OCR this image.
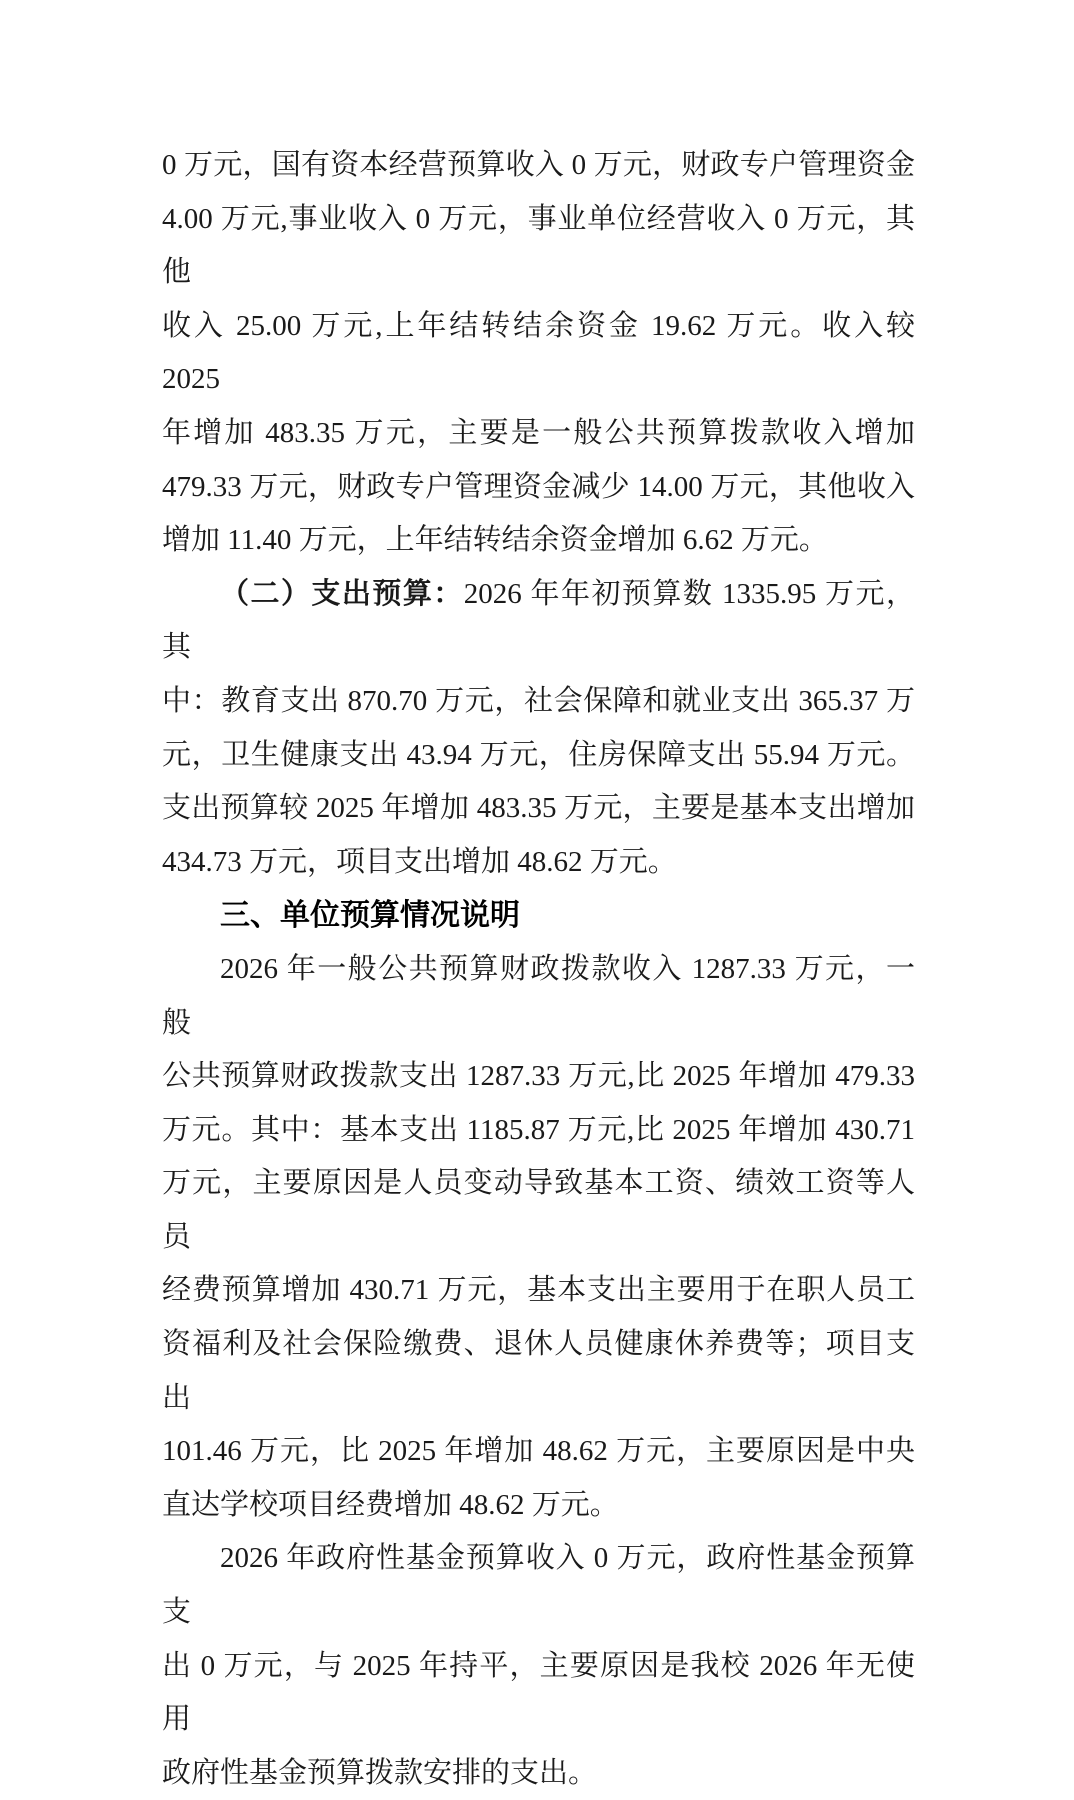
0 万元，国有资本经营预算收入 0 万元，财政专户管理资金
4.00 万元,事业收入 0 万元，事业单位经营收入 0 万元，其他
收入 25.00 万元,上年结转结余资金 19.62 万元。收入较 2025
年增加 483.35 万元，主要是一般公共预算拨款收入增加
479.33 万元，财政专户管理资金减少 14.00 万元，其他收入
增加 11.40 万元，上年结转结余资金增加 6.62 万元。
（二）支出预算：2026 年年初预算数 1335.95 万元，其
中：教育支出 870.70 万元，社会保障和就业支出 365.37 万
元，卫生健康支出 43.94 万元，住房保障支出 55.94 万元。
支出预算较 2025 年增加 483.35 万元，主要是基本支出增加
434.73 万元，项目支出增加 48.62 万元。
三、单位预算情况说明
2026 年一般公共预算财政拨款收入 1287.33 万元，一般
公共预算财政拨款支出 1287.33 万元,比 2025 年增加 479.33
万元。其中：基本支出 1185.87 万元,比 2025 年增加 430.71
万元，主要原因是人员变动导致基本工资、绩效工资等人员
经费预算增加 430.71 万元，基本支出主要用于在职人员工
资福利及社会保险缴费、退休人员健康休养费等；项目支出
101.46 万元，比 2025 年增加 48.62 万元，主要原因是中央
直达学校项目经费增加 48.62 万元。
2026 年政府性基金预算收入 0 万元，政府性基金预算支
出 0 万元，与 2025 年持平，主要原因是我校 2026 年无使用
政府性基金预算拨款安排的支出。
